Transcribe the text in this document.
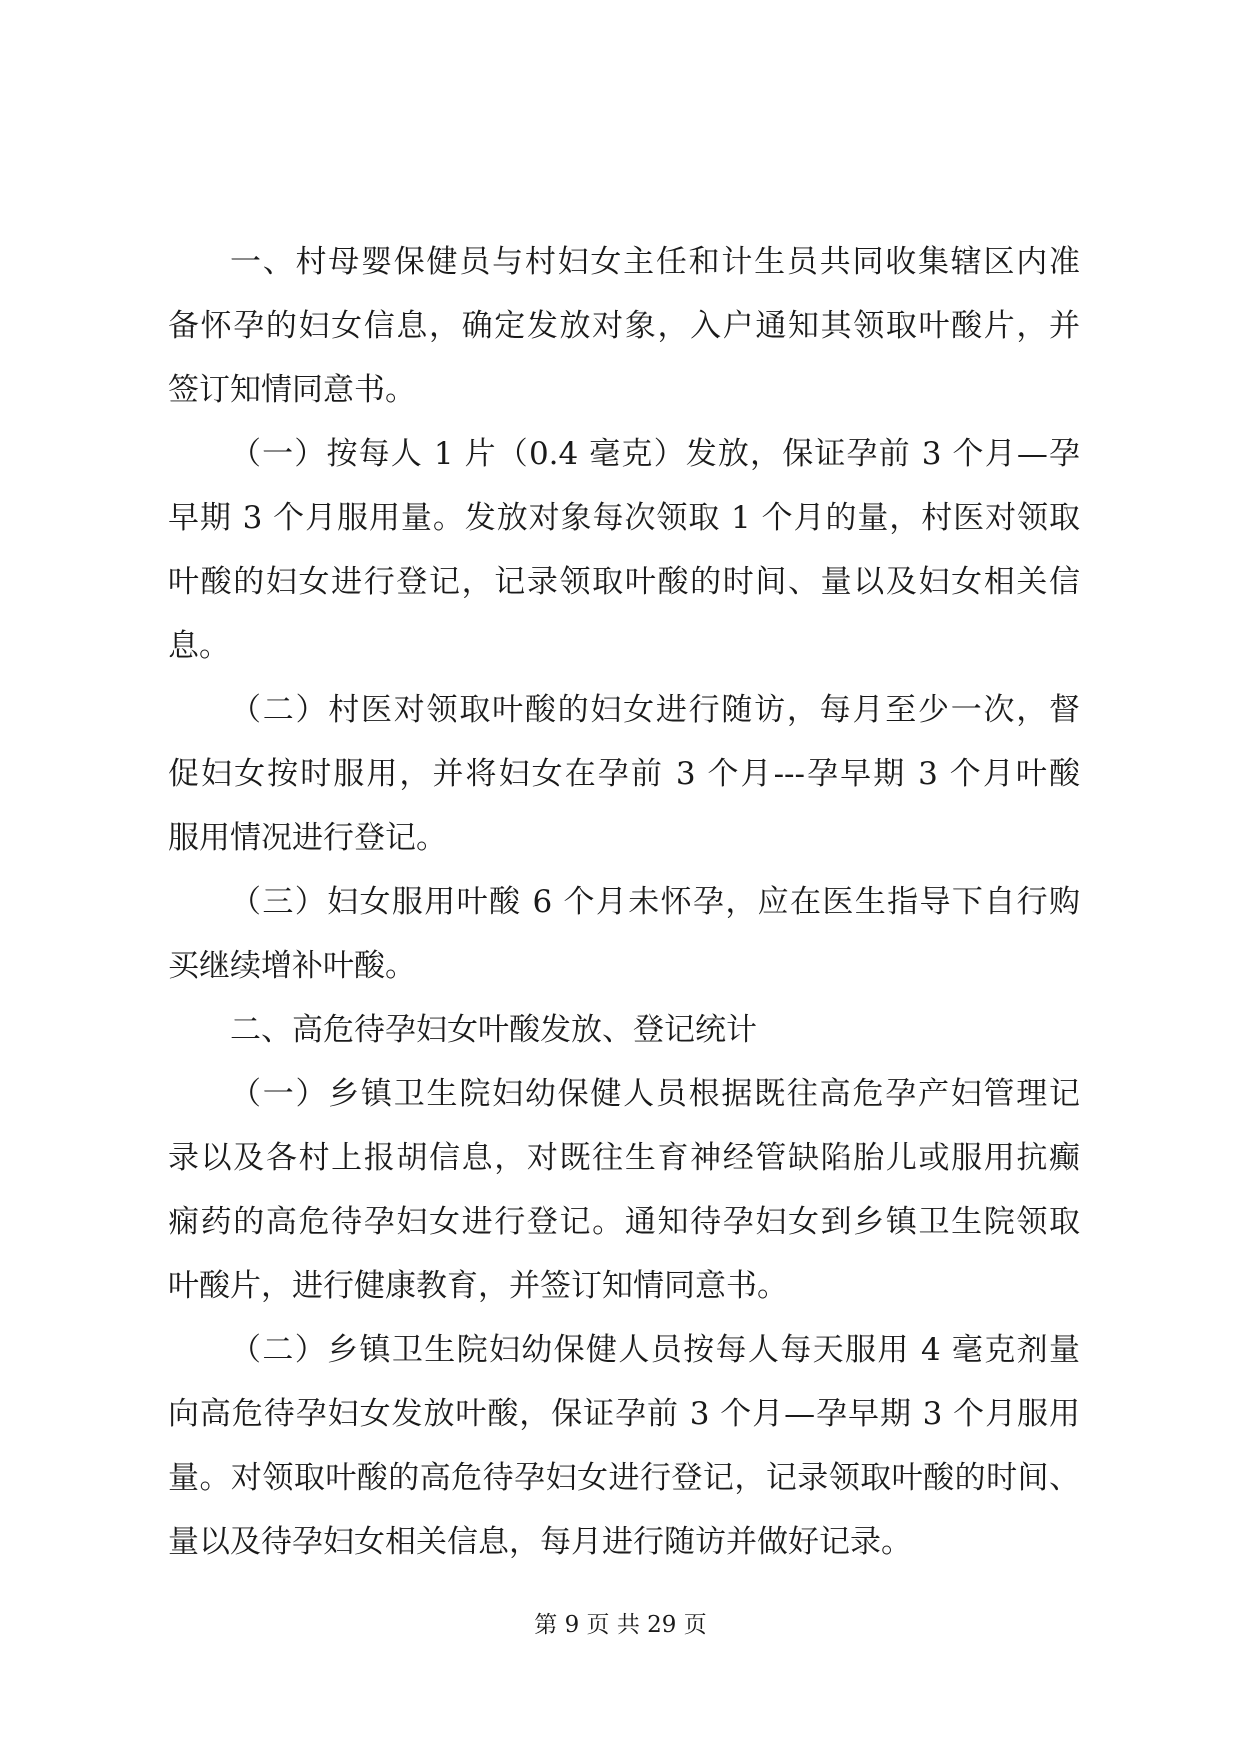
一、村母婴保健员与村妇女主任和计生员共同收集辖区内准
备怀孕的妇女信息，确定发放对象，入户通知其领取叶酸片，并
签订知情同意书。
（一）按每人 1 片（0.4 毫克）发放，保证孕前 3 个月—孕
早期 3 个月服用量。发放对象每次领取 1 个月的量，村医对领取
叶酸的妇女进行登记，记录领取叶酸的时间、量以及妇女相关信
息。
（二）村医对领取叶酸的妇女进行随访，每月至少一次，督
促妇女按时服用，并将妇女在孕前 3 个月---孕早期 3 个月叶酸
服用情况进行登记。
（三）妇女服用叶酸 6 个月未怀孕，应在医生指导下自行购
买继续增补叶酸。
二、高危待孕妇女叶酸发放、登记统计
（一）乡镇卫生院妇幼保健人员根据既往高危孕产妇管理记
录以及各村上报胡信息，对既往生育神经管缺陷胎儿或服用抗癫
痫药的高危待孕妇女进行登记。通知待孕妇女到乡镇卫生院领取
叶酸片，进行健康教育，并签订知情同意书。
（二）乡镇卫生院妇幼保健人员按每人每天服用 4 毫克剂量
向高危待孕妇女发放叶酸，保证孕前 3 个月—孕早期 3 个月服用
量。对领取叶酸的高危待孕妇女进行登记，记录领取叶酸的时间、
量以及待孕妇女相关信息，每月进行随访并做好记录。
第 9 页 共 29 页
